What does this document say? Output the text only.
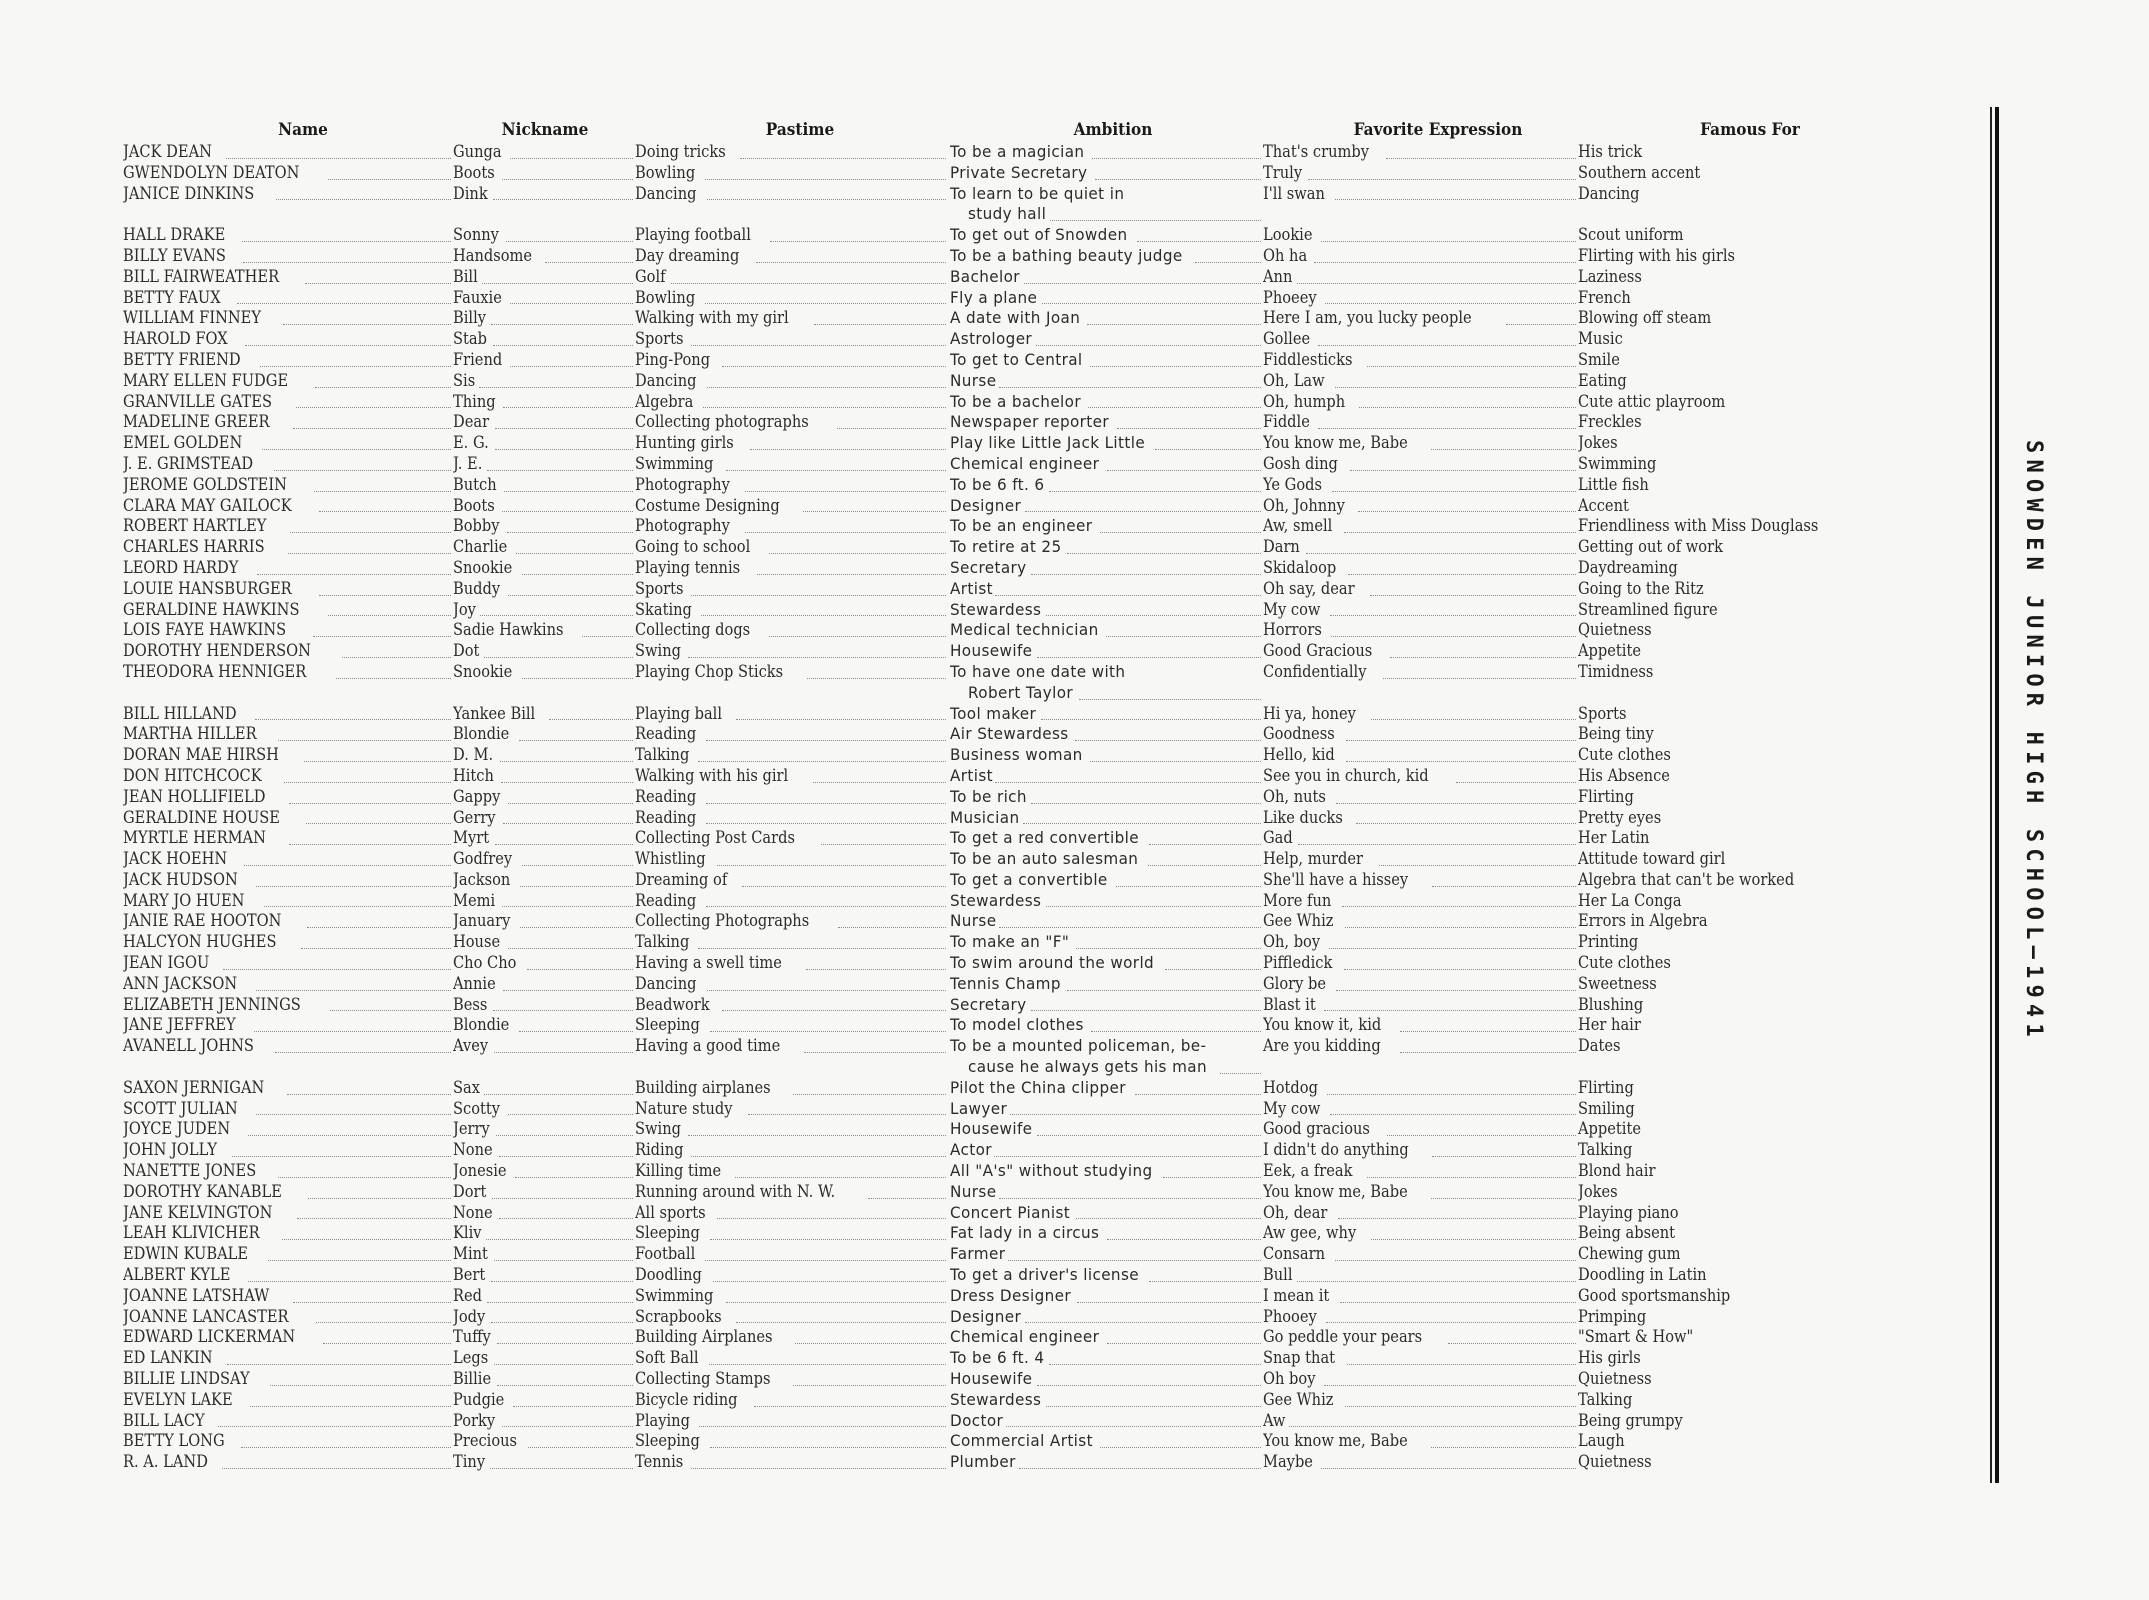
Name	Nickname	Pastime	Ambition	Favorite Expression	Famous For
JACK DEAN	Gunga	Doing tricks	To be a magician	That's crumby	His trick
GWENDOLYN DEATON	Boots	Bowling	Private Secretary	Truly	Southern accent
JANICE DINKINS	Dink	Dancing	To learn to be quiet in	I'll swan	Dancing
study hall
HALL DRAKE	Sonny	Playing football	To get out of Snowden	Lookie	Scout uniform
BILLY EVANS	Handsome	Day dreaming	To be a bathing beauty judge	Oh ha	Flirting with his girls
BILL FAIRWEATHER	Bill	Golf	Bachelor	Ann	Laziness
BETTY FAUX	Fauxie	Bowling	Fly a plane	Phoeey	French
WILLIAM FINNEY	Billy	Walking with my girl	A date with Joan	Here I am, you lucky people	Blowing off steam
HAROLD FOX	Stab	Sports	Astrologer	Gollee	Music
BETTY FRIEND	Friend	Ping-Pong	To get to Central	Fiddlesticks	Smile
MARY ELLEN FUDGE	Sis	Dancing	Nurse	Oh, Law	Eating
GRANVILLE GATES	Thing	Algebra	To be a bachelor	Oh, humph	Cute attic playroom
MADELINE GREER	Dear	Collecting photographs	Newspaper reporter	Fiddle	Freckles
EMEL GOLDEN	E. G.	Hunting girls	Play like Little Jack Little	You know me, Babe	Jokes
J. E. GRIMSTEAD	J. E.	Swimming	Chemical engineer	Gosh ding	Swimming
JEROME GOLDSTEIN	Butch	Photography	To be 6 ft. 6	Ye Gods	Little fish
CLARA MAY GAILOCK	Boots	Costume Designing	Designer	Oh, Johnny	Accent
ROBERT HARTLEY	Bobby	Photography	To be an engineer	Aw, smell	Friendliness with Miss Douglass
CHARLES HARRIS	Charlie	Going to school	To retire at 25	Darn	Getting out of work
LEORD HARDY	Snookie	Playing tennis	Secretary	Skidaloop	Daydreaming
LOUIE HANSBURGER	Buddy	Sports	Artist	Oh say, dear	Going to the Ritz
GERALDINE HAWKINS	Joy	Skating	Stewardess	My cow	Streamlined figure
LOIS FAYE HAWKINS	Sadie Hawkins	Collecting dogs	Medical technician	Horrors	Quietness
DOROTHY HENDERSON	Dot	Swing	Housewife	Good Gracious	Appetite
THEODORA HENNIGER	Snookie	Playing Chop Sticks	To have one date with	Confidentially	Timidness
Robert Taylor
BILL HILLAND	Yankee Bill	Playing ball	Tool maker	Hi ya, honey	Sports
MARTHA HILLER	Blondie	Reading	Air Stewardess	Goodness	Being tiny
DORAN MAE HIRSH	D. M.	Talking	Business woman	Hello, kid	Cute clothes
DON HITCHCOCK	Hitch	Walking with his girl	Artist	See you in church, kid	His Absence
JEAN HOLLIFIELD	Gappy	Reading	To be rich	Oh, nuts	Flirting
GERALDINE HOUSE	Gerry	Reading	Musician	Like ducks	Pretty eyes
MYRTLE HERMAN	Myrt	Collecting Post Cards	To get a red convertible	Gad	Her Latin
JACK HOEHN	Godfrey	Whistling	To be an auto salesman	Help, murder	Attitude toward girl
JACK HUDSON	Jackson	Dreaming of	To get a convertible	She'll have a hissey	Algebra that can't be worked
MARY JO HUEN	Memi	Reading	Stewardess	More fun	Her La Conga
JANIE RAE HOOTON	January	Collecting Photographs	Nurse	Gee Whiz	Errors in Algebra
HALCYON HUGHES	House	Talking	To make an "F"	Oh, boy	Printing
JEAN IGOU	Cho Cho	Having a swell time	To swim around the world	Piffledick	Cute clothes
ANN JACKSON	Annie	Dancing	Tennis Champ	Glory be	Sweetness
ELIZABETH JENNINGS	Bess	Beadwork	Secretary	Blast it	Blushing
JANE JEFFREY	Blondie	Sleeping	To model clothes	You know it, kid	Her hair
AVANELL JOHNS	Avey	Having a good time	To be a mounted policeman, be-	Are you kidding	Dates
cause he always gets his man
SAXON JERNIGAN	Sax	Building airplanes	Pilot the China clipper	Hotdog	Flirting
SCOTT JULIAN	Scotty	Nature study	Lawyer	My cow	Smiling
JOYCE JUDEN	Jerry	Swing	Housewife	Good gracious	Appetite
JOHN JOLLY	None	Riding	Actor	I didn't do anything	Talking
NANETTE JONES	Jonesie	Killing time	All "A's" without studying	Eek, a freak	Blond hair
DOROTHY KANABLE	Dort	Running around with N. W.	Nurse	You know me, Babe	Jokes
JANE KELVINGTON	None	All sports	Concert Pianist	Oh, dear	Playing piano
LEAH KLIVICHER	Kliv	Sleeping	Fat lady in a circus	Aw gee, why	Being absent
EDWIN KUBALE	Mint	Football	Farmer	Consarn	Chewing gum
ALBERT KYLE	Bert	Doodling	To get a driver's license	Bull	Doodling in Latin
JOANNE LATSHAW	Red	Swimming	Dress Designer	I mean it	Good sportsmanship
JOANNE LANCASTER	Jody	Scrapbooks	Designer	Phooey	Primping
EDWARD LICKERMAN	Tuffy	Building Airplanes	Chemical engineer	Go peddle your pears	"Smart & How"
ED LANKIN	Legs	Soft Ball	To be 6 ft. 4	Snap that	His girls
BILLIE LINDSAY	Billie	Collecting Stamps	Housewife	Oh boy	Quietness
EVELYN LAKE	Pudgie	Bicycle riding	Stewardess	Gee Whiz	Talking
BILL LACY	Porky	Playing	Doctor	Aw	Being grumpy
BETTY LONG	Precious	Sleeping	Commercial Artist	You know me, Babe	Laugh
R. A. LAND	Tiny	Tennis	Plumber	Maybe	Quietness
SNOWDEN JUNIOR HIGH SCHOOL—1941
